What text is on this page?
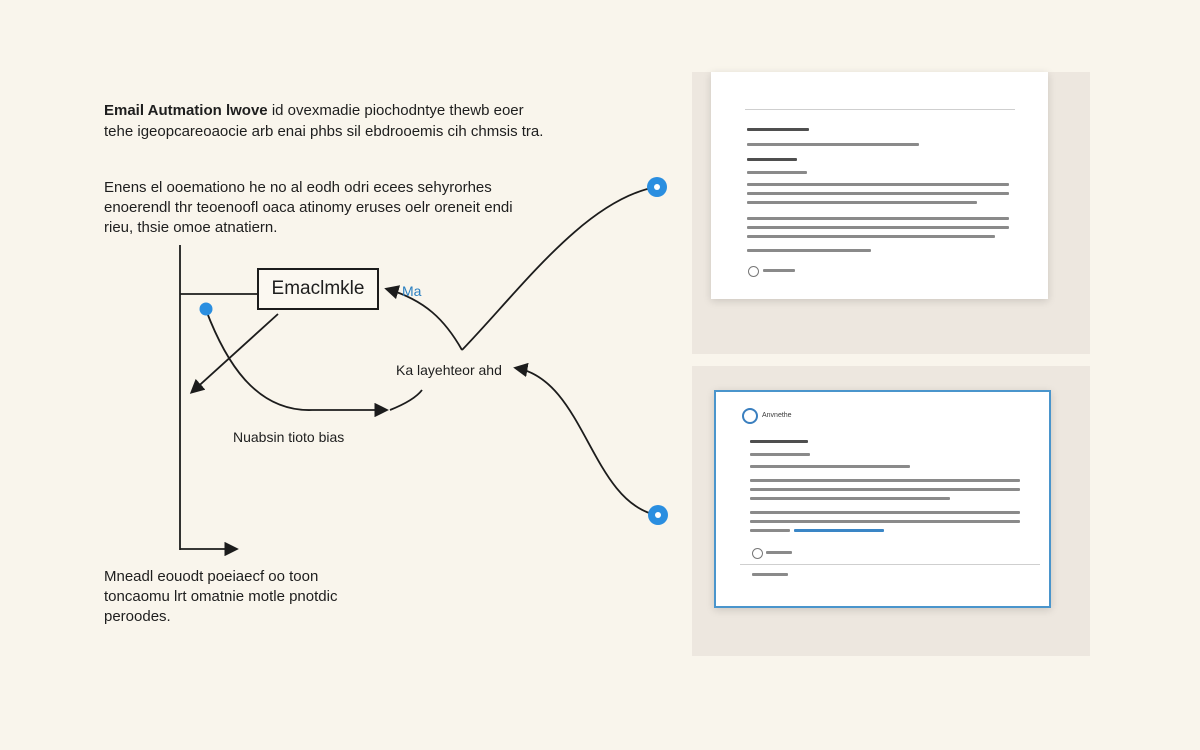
Email Autmation lwove id ovexmadie piochodntye thewb eoer tehe igeopcareoaocie arb enai phbs sil ebdrooemis cih chmsis tra.
Enens el ooemationo he no al eodh odri ecees sehyrorhes enoerendl thr teoenoofl oaca atinomy eruses oelr oreneit endi rieu, thsie omoe atnatiern.
Emaclmkle	Ma
Ka layehteor ahd
Nuabsin tioto bias
Mneadl eouodt poeiaecf oo toon toncaomu lrt omatnie motle pnotdic peroodes.
Anvnethe
